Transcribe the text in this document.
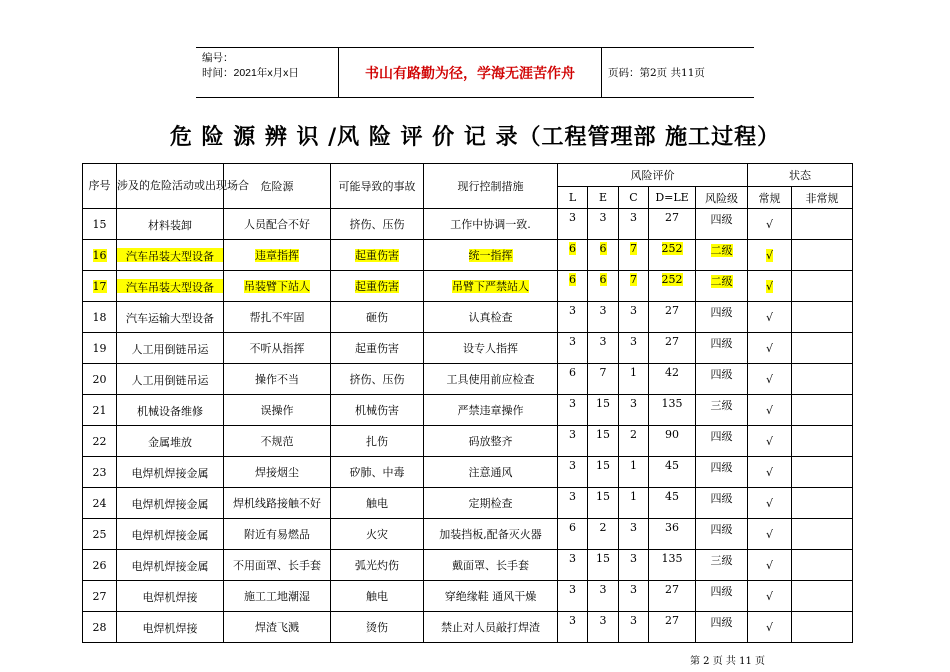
编号：
时间：2021年x月x日	书山有路勤为径，学海无涯苦作舟	页码：第2页 共11页
危 险 源 辨 识 /风 险 评 价 记 录（工程管理部 施工过程）
序号	涉及的危险活动或出现场合	危险源	可能导致的事故	现行控制措施	风险评价					状态	
					L	E	C	D=LE	风险级	常规	非常规
15	材料装卸	人员配合不好	挤伤、压伤	工作中协调一致.	3	3	3	27	四级	√	
16	汽车吊装大型设备	违章指挥	起重伤害	统一指挥	6	6	7	252	二级	√	
17	汽车吊装大型设备	吊装臂下站人	起重伤害	吊臂下严禁站人	6	6	7	252	二级	√	
18	汽车运输大型设备	帮扎不牢固	砸伤	认真检查	3	3	3	27	四级	√	
19	人工用倒链吊运	不听从指挥	起重伤害	设专人指挥	3	3	3	27	四级	√	
20	人工用倒链吊运	操作不当	挤伤、压伤	工具使用前应检查	6	7	1	42	四级	√	
21	机械设备维修	误操作	机械伤害	严禁违章操作	3	15	3	135	三级	√	
22	金属堆放	不规范	扎伤	码放整齐	3	15	2	90	四级	√	
23	电焊机焊接金属	焊接烟尘	矽肺、中毒	注意通风	3	15	1	45	四级	√	
24	电焊机焊接金属	焊机线路接触不好	触电	定期检查	3	15	1	45	四级	√	
25	电焊机焊接金属	附近有易燃品	火灾	加装挡板,配备灭火器	6	2	3	36	四级	√	
26	电焊机焊接金属	不用面罩、长手套	弧光灼伤	戴面罩、长手套	3	15	3	135	三级	√	
27	电焊机焊接	施工工地潮湿	触电	穿绝缘鞋 通风干燥	3	3	3	27	四级	√	
28	电焊机焊接	焊渣飞溅	烫伤	禁止对人员敲打焊渣	3	3	3	27	四级	√	
第 2 页 共 11 页
